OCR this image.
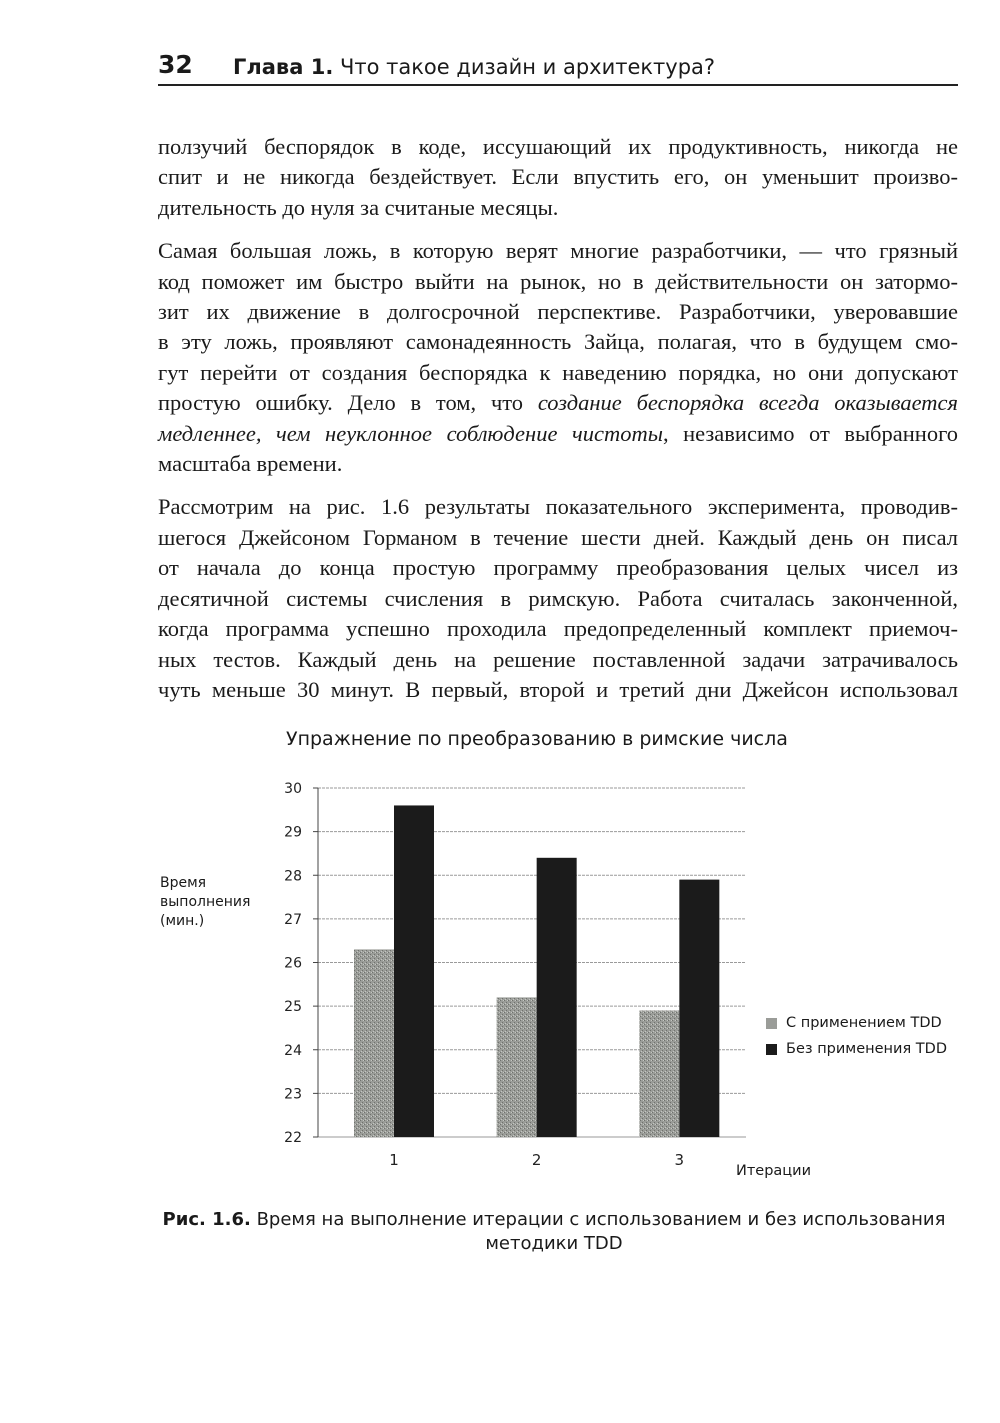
32 Глава 1. Что такое дизайн и архитектура?

ползучий беспорядок в коде, иссушающий их продуктивность, никогда не
спит и не никогда бездействует. Если впустить его, он уменьшит произво-
дительность до нуля за считаные месяцы.

Самая большая ложь, в которую верят многие разработчики, — что грязный
код поможет им быстро выйти на рынок, но в действительности он затормо-
зит их движение в долгосрочной перспективе. Разработчики, уверовавшие
в эту ложь, проявляют самонадеянность Зайца, полагая, что в будущем смо-
гут перейти от создания беспорядка к наведению порядка, но они допускают
простую ошибку. Дело в том, что создание беспорядка всегда оказывается
медленнее, чем неуклонное соблюдение чистоты, независимо от выбранного
масштаба времени.

Рассмотрим на рис. 1.6 результаты показательного эксперимента, проводив-
шегося Джейсоном Горманом в течение шести дней. Каждый день он писал
от начала до конца простую программу преобразования целых чисел из
десятичной системы счисления в римскую. Работа считалась законченной,
когда программа успешно проходила предопределенный комплект приемоч-
ных тестов. Каждый день на решение поставленной задачи затрачивалось
чуть меньше 30 минут. В первый, второй и третий дни Джейсон использовал

Упражнение по преобразованию в римские числа
Время
выполнения
(мин.)
30
29
28
27
26
25
24
23
22
1	2	3
С применением TDD
Без применения TDD
Итерации
Рис. 1.6. Время на выполнение итерации с использованием и без использования
методики TDD
